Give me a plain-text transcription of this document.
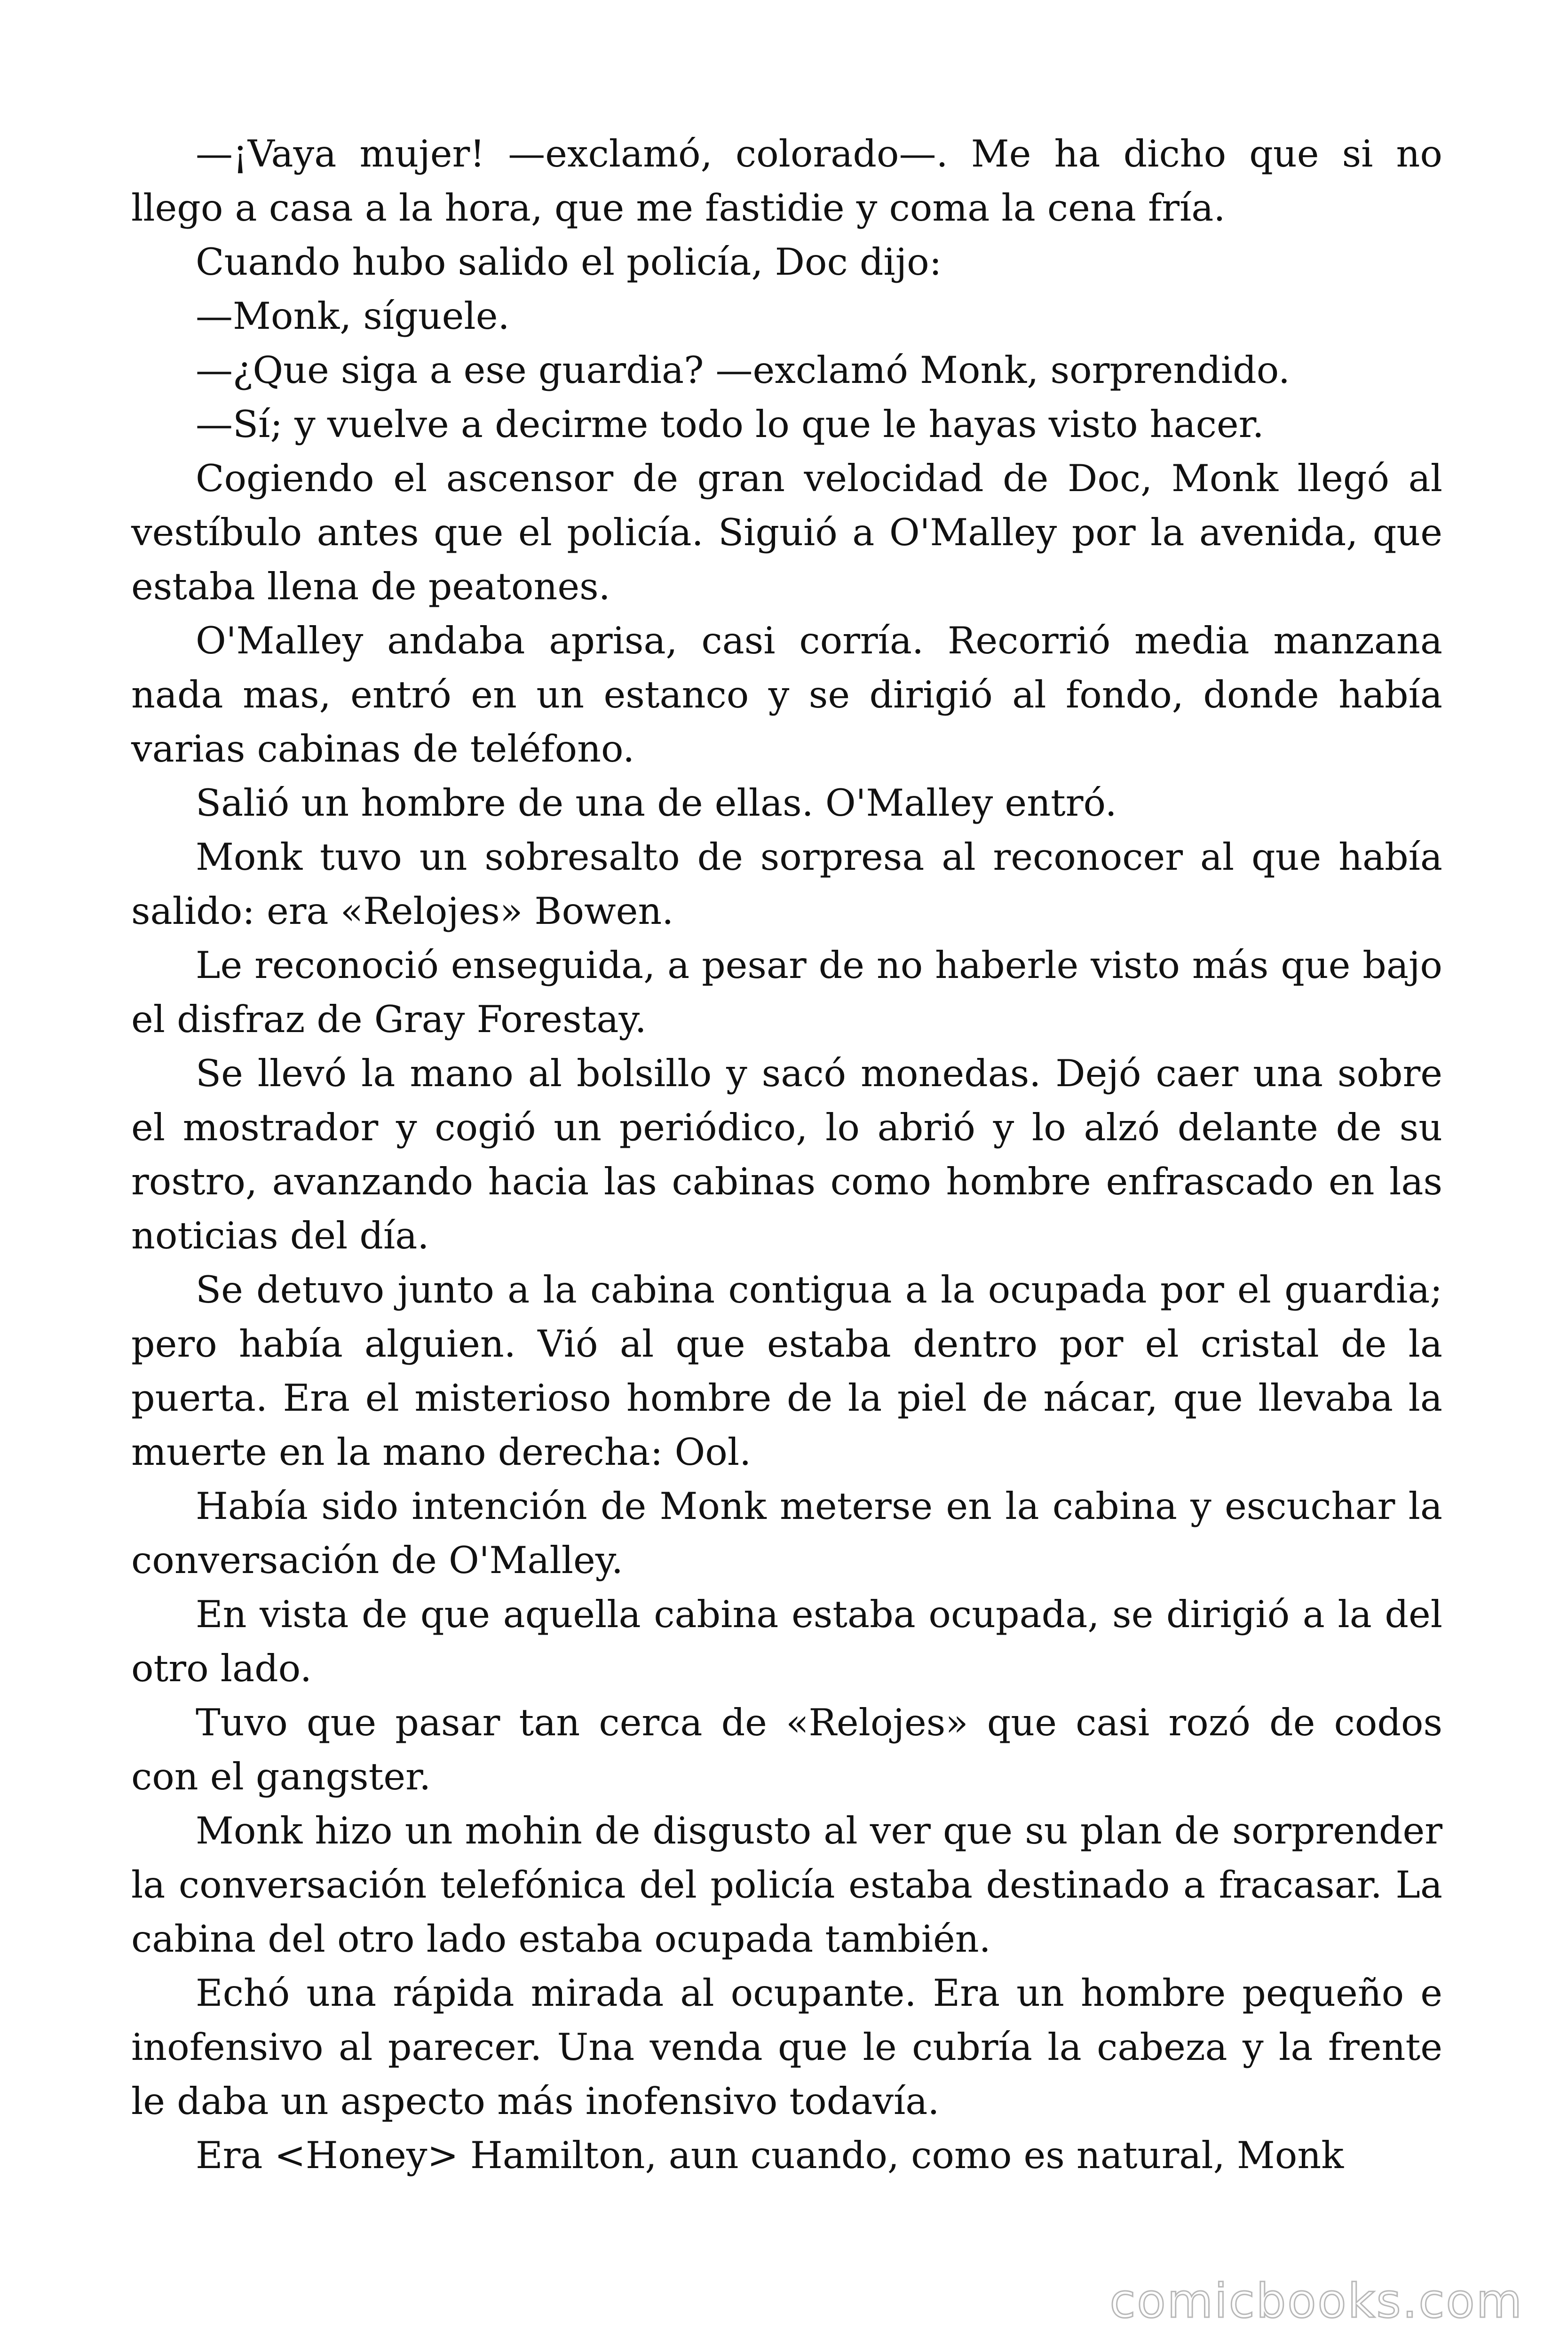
—¡Vaya mujer! —exclamó, colorado—. Me ha dicho que si no llego a casa a la hora, que me fastidie y coma la cena fría.

Cuando hubo salido el policía, Doc dijo:

—Monk, síguele.

—¿Que siga a ese guardia? —exclamó Monk, sorprendido.

—Sí; y vuelve a decirme todo lo que le hayas visto hacer.

Cogiendo el ascensor de gran velocidad de Doc, Monk llegó al vestíbulo antes que el policía. Siguió a O'Malley por la avenida, que estaba llena de peatones.

O'Malley andaba aprisa, casi corría. Recorrió media manzana nada mas, entró en un estanco y se dirigió al fondo, donde había varias cabinas de teléfono.

Salió un hombre de una de ellas. O'Malley entró.

Monk tuvo un sobresalto de sorpresa al reconocer al que había salido: era «Relojes» Bowen.

Le reconoció enseguida, a pesar de no haberle visto más que bajo el disfraz de Gray Forestay.

Se llevó la mano al bolsillo y sacó monedas. Dejó caer una sobre el mostrador y cogió un periódico, lo abrió y lo alzó delante de su rostro, avanzando hacia las cabinas como hombre enfrascado en las noticias del día.

Se detuvo junto a la cabina contigua a la ocupada por el guardia; pero había alguien. Vió al que estaba dentro por el cristal de la puerta. Era el misterioso hombre de la piel de nácar, que llevaba la muerte en la mano derecha: Ool.

Había sido intención de Monk meterse en la cabina y escuchar la conversación de O'Malley.

En vista de que aquella cabina estaba ocupada, se dirigió a la del otro lado.

Tuvo que pasar tan cerca de «Relojes» que casi rozó de codos con el gangster.

Monk hizo un mohin de disgusto al ver que su plan de sorprender la conversación telefónica del policía estaba destinado a fracasar. La cabina del otro lado estaba ocupada también.

Echó una rápida mirada al ocupante. Era un hombre pequeño e inofensivo al parecer. Una venda que le cubría la cabeza y la frente le daba un aspecto más inofensivo todavía.

Era <Honey> Hamilton, aun cuando, como es natural, Monk

comicbooks.com
